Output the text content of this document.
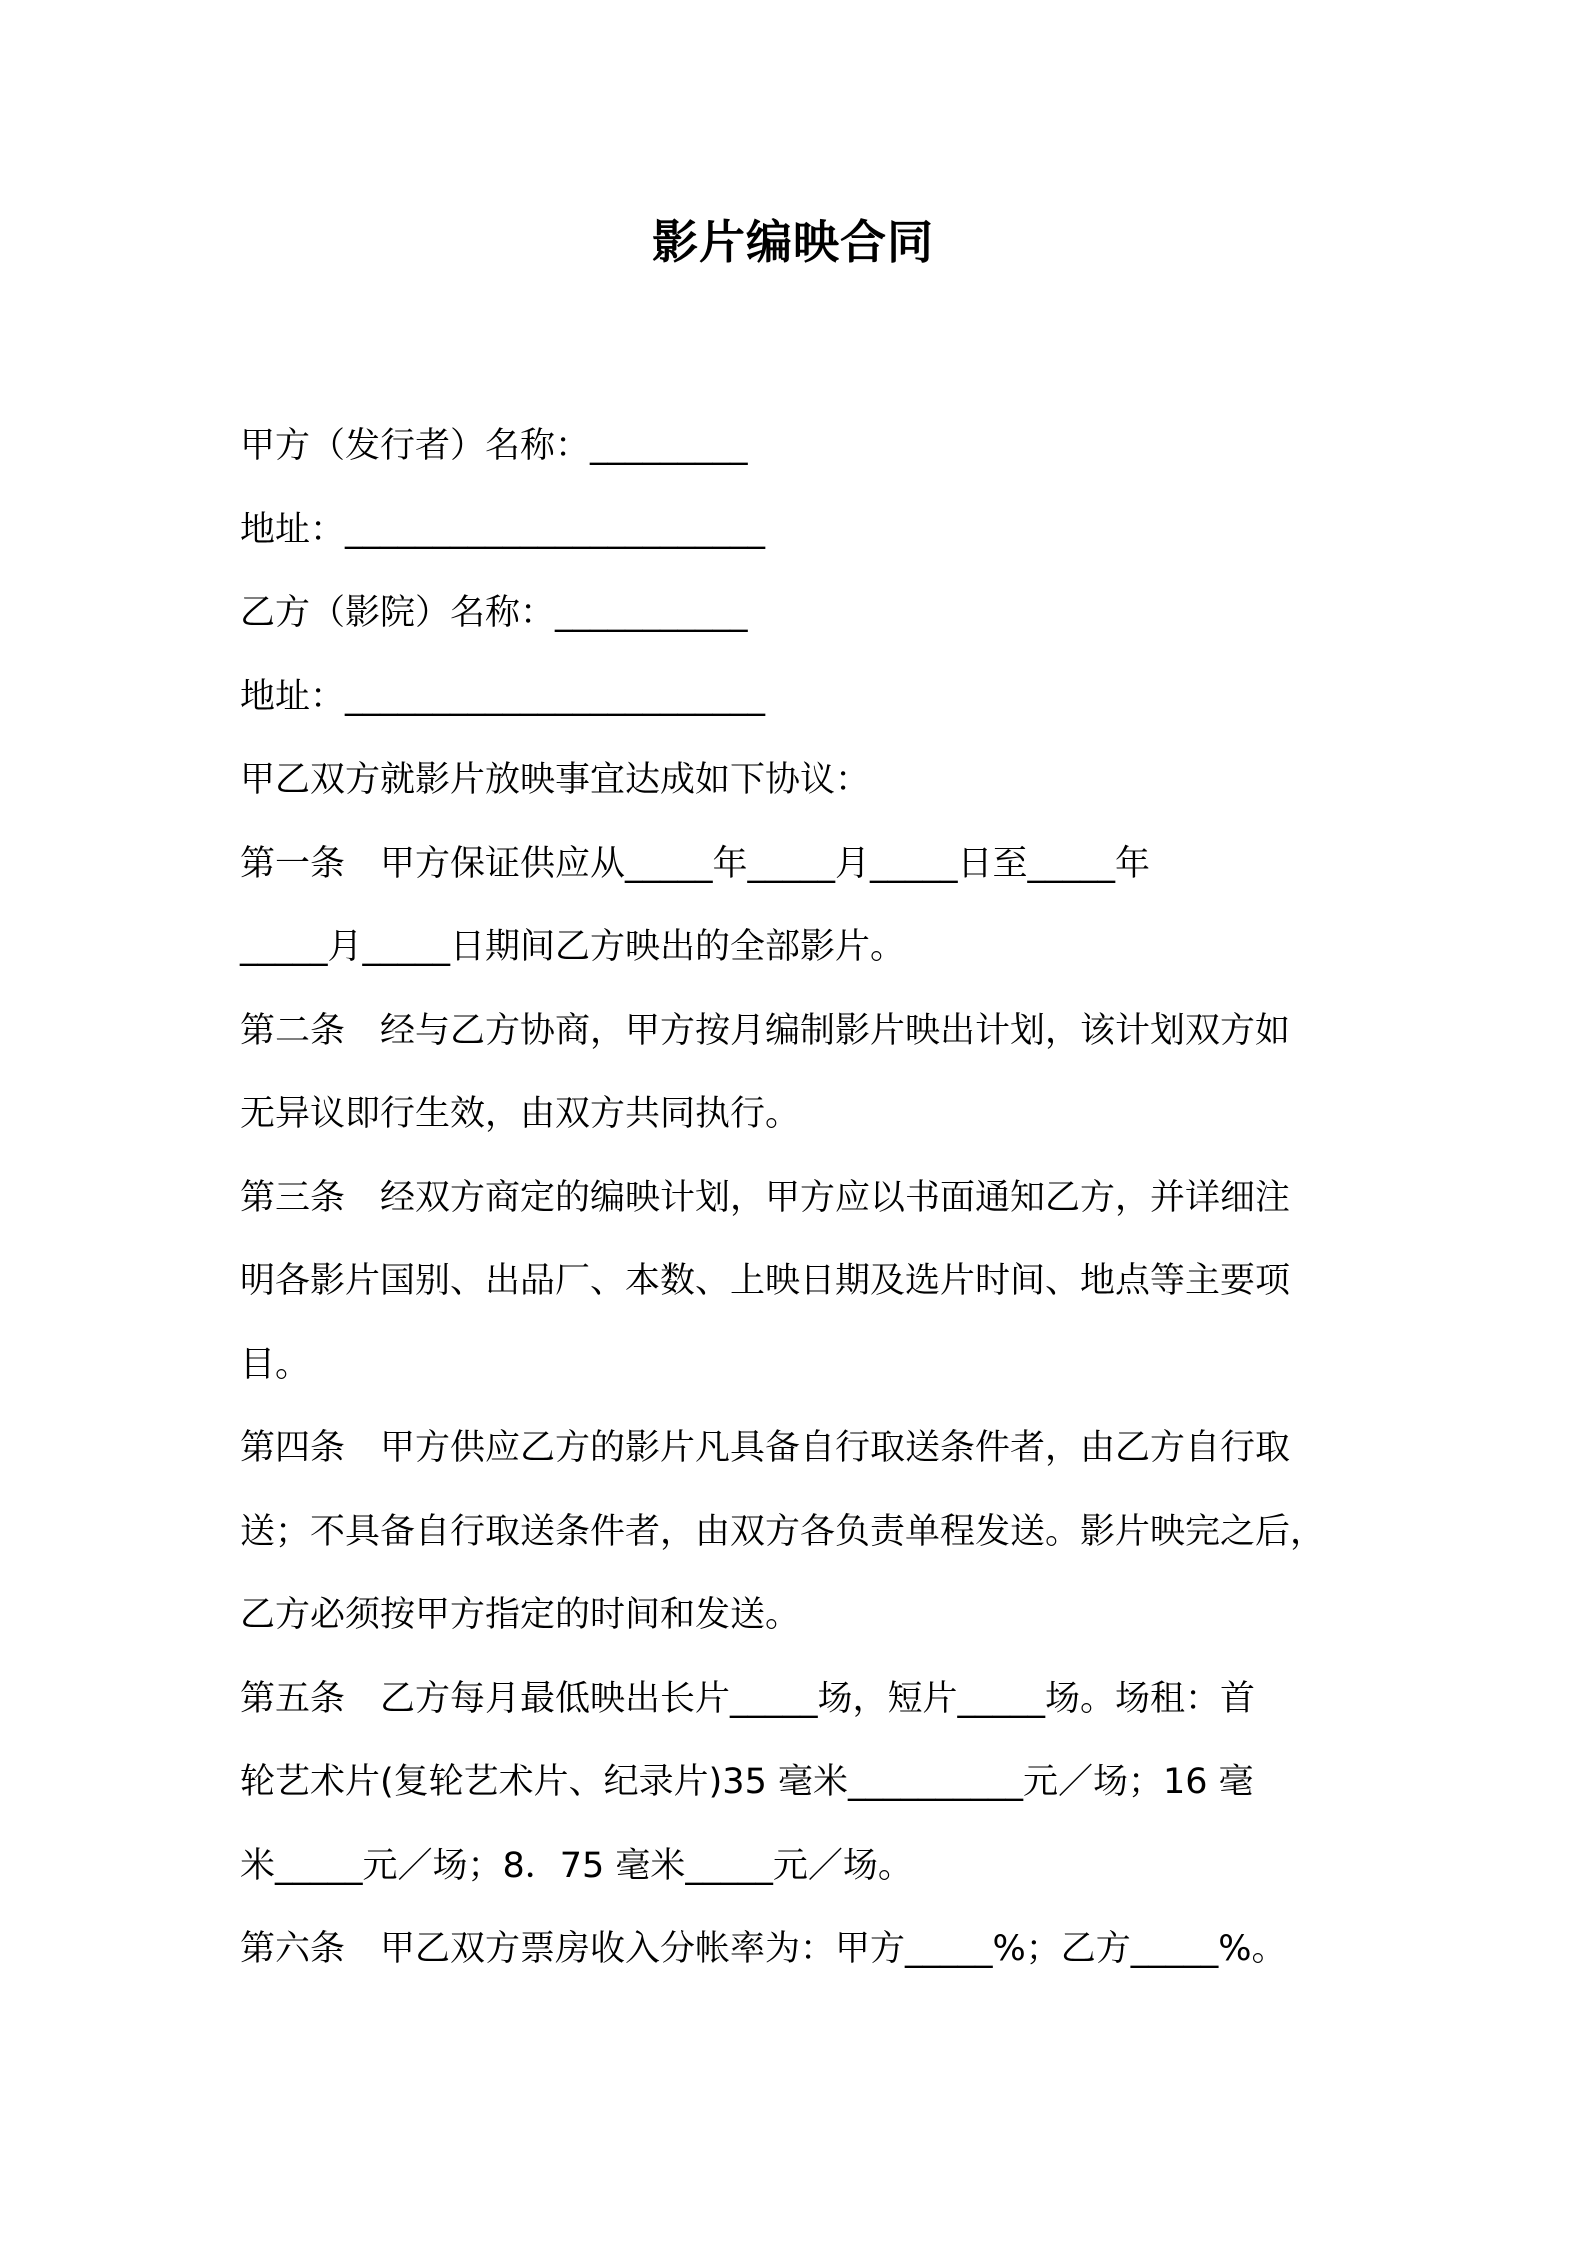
影片编映合同
甲方（发行者）名称：_________
地址：________________________
乙方（影院）名称：___________
地址：________________________
甲乙双方就影片放映事宜达成如下协议：
第一条　甲方保证供应从_____年_____月_____日至_____年
_____月_____日期间乙方映出的全部影片。
第二条　经与乙方协商，甲方按月编制影片映出计划，该计划双方如
无异议即行生效，由双方共同执行。
第三条　经双方商定的编映计划，甲方应以书面通知乙方，并详细注
明各影片国别、出品厂、本数、上映日期及选片时间、地点等主要项
目。
第四条　甲方供应乙方的影片凡具备自行取送条件者，由乙方自行取
送；不具备自行取送条件者，由双方各负责单程发送。影片映完之后，
乙方必须按甲方指定的时间和发送。
第五条　乙方每月最低映出长片_____场，短片_____场。场租：首
轮艺术片(复轮艺术片、纪录片)35 毫米__________元／场；16 毫
米_____元／场；8．75 毫米_____元／场。
第六条　甲乙双方票房收入分帐率为：甲方_____%；乙方_____%。
